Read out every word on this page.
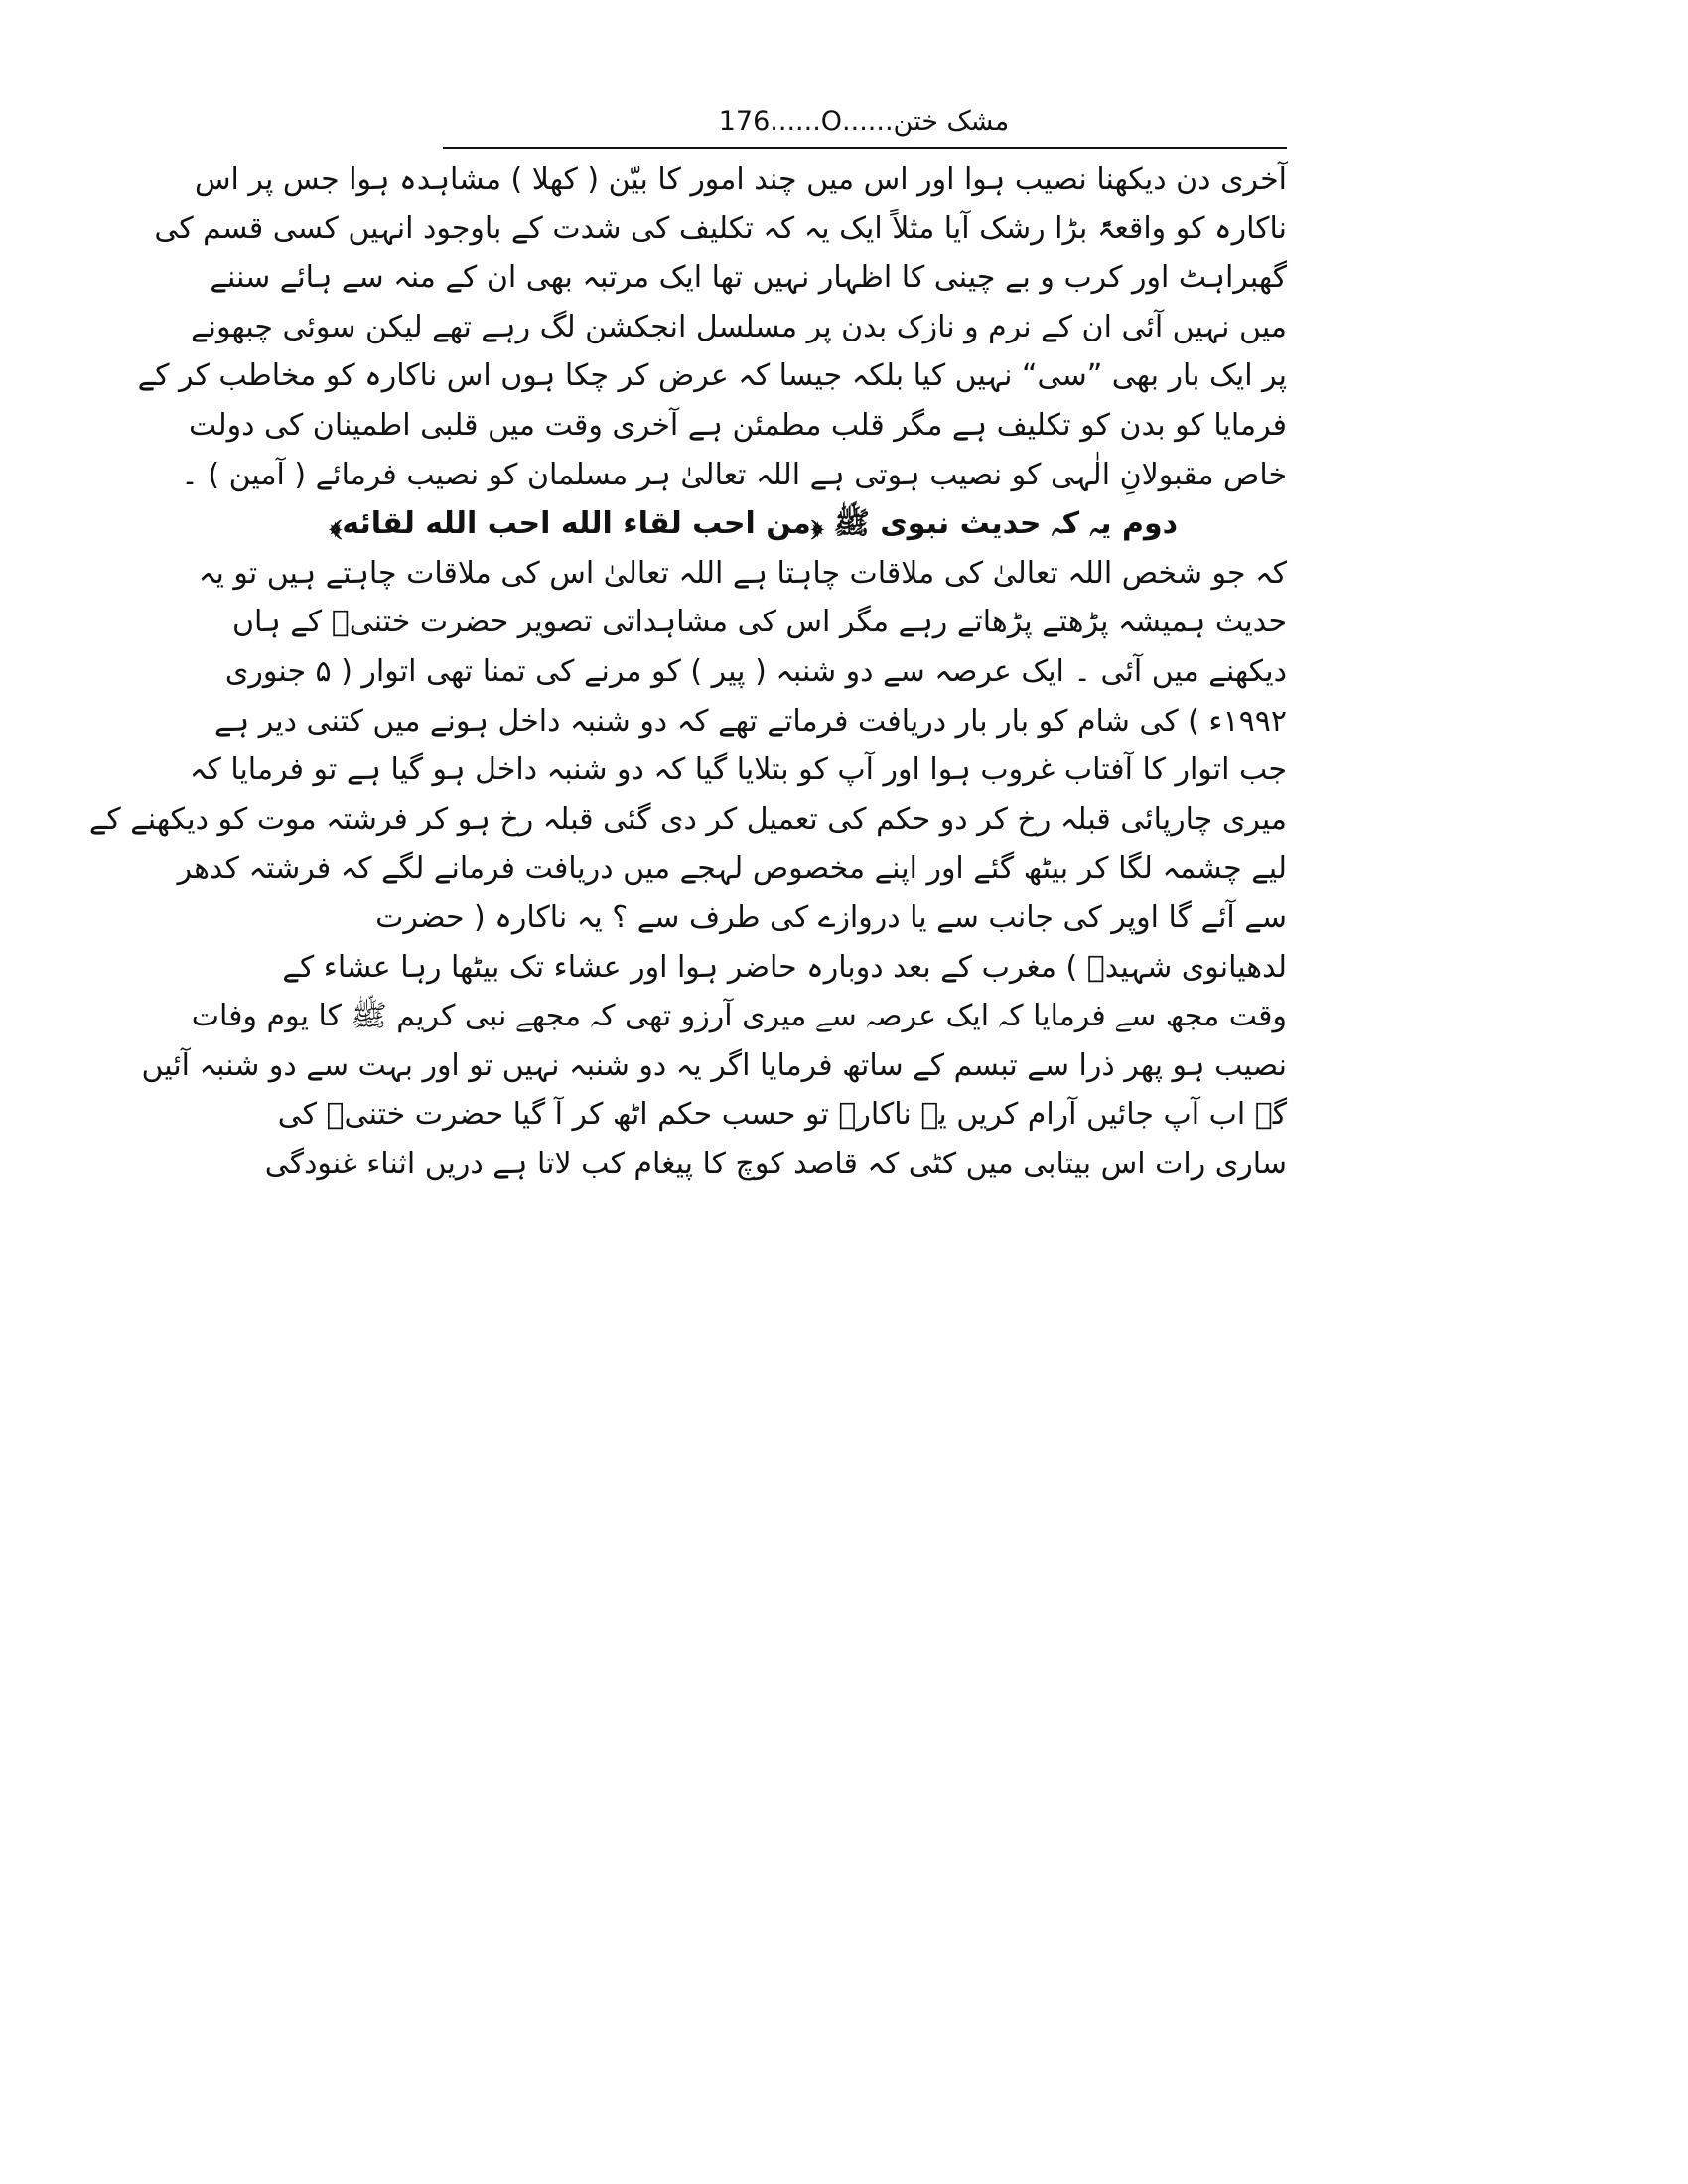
مشک ختن......O......176
آخری دن دیکھنا نصیب ہوا اور اس میں چند امور کا بیّن ( کھلا ) مشاہدہ ہوا جس پر اس
ناکارہ کو واقعۃً بڑا رشک آیا مثلاً ایک یہ کہ تکلیف کی شدت کے باوجود انہیں کسی قسم کی
گھبراہٹ اور کرب و بے چینی کا اظہار نہیں تھا ایک مرتبہ بھی ان کے منہ سے ہائے سننے
میں نہیں آئی ان کے نرم و نازک بدن پر مسلسل انجکشن لگ رہے تھے لیکن سوئی چبھونے
پر ایک بار بھی ”سی“ نہیں کیا بلکہ جیسا کہ عرض کر چکا ہوں اس ناکارہ کو مخاطب کر کے
فرمایا کو بدن کو تکلیف ہے مگر قلب مطمئن ہے آخری وقت میں قلبی اطمینان کی دولت
خاص مقبولانِ الٰہی کو نصیب ہوتی ہے اللہ تعالیٰ ہر مسلمان کو نصیب فرمائے ( آمین ) ۔
دوم یہ کہ حدیث نبوی ﷺ ﴿من احب لقاء الله احب الله لقائه﴾
کہ جو شخص اللہ تعالیٰ کی ملاقات چاہتا ہے اللہ تعالیٰ اس کی ملاقات چاہتے ہیں تو یہ
حدیث ہمیشہ پڑھتے پڑھاتے رہے مگر اس کی مشاہداتی تصویر حضرت ختنیؒ کے ہاں
دیکھنے میں آئی ۔ ایک عرصہ سے دو شنبہ ( پیر ) کو مرنے کی تمنا تھی اتوار ( ۵ جنوری
۱۹۹۲ء ) کی شام کو بار بار دریافت فرماتے تھے کہ دو شنبہ داخل ہونے میں کتنی دیر ہے
جب اتوار کا آفتاب غروب ہوا اور آپ کو بتلایا گیا کہ دو شنبہ داخل ہو گیا ہے تو فرمایا کہ
میری چارپائی قبلہ رخ کر دو حکم کی تعمیل کر دی گئی قبلہ رخ ہو کر فرشتہ موت کو دیکھنے کے
لیے چشمہ لگا کر بیٹھ گئے اور اپنے مخصوص لہجے میں دریافت فرمانے لگے کہ فرشتہ کدھر
سے آئے گا اوپر کی جانب سے یا دروازے کی طرف سے ؟ یہ ناکارہ ( حضرت
لدھیانوی شہیدؒ ) مغرب کے بعد دوبارہ حاضر ہوا اور عشاء تک بیٹھا رہا عشاء کے
وقت مجھ سے فرمایا کہ ایک عرصہ سے میری آرزو تھی کہ مجھے نبی کریم ﷺ کا یوم وفات
نصیب ہو پھر ذرا سے تبسم کے ساتھ فرمایا اگر یہ دو شنبہ نہیں تو اور بہت سے دو شنبہ آئیں
گے اب آپ جائیں آرام کریں یہ ناکارہ تو حسب حکم اٹھ کر آ گیا حضرت ختنیؒ کی
ساری رات اس بیتابی میں کٹی کہ قاصد کوچ کا پیغام کب لاتا ہے دریں اثناء غنودگی
